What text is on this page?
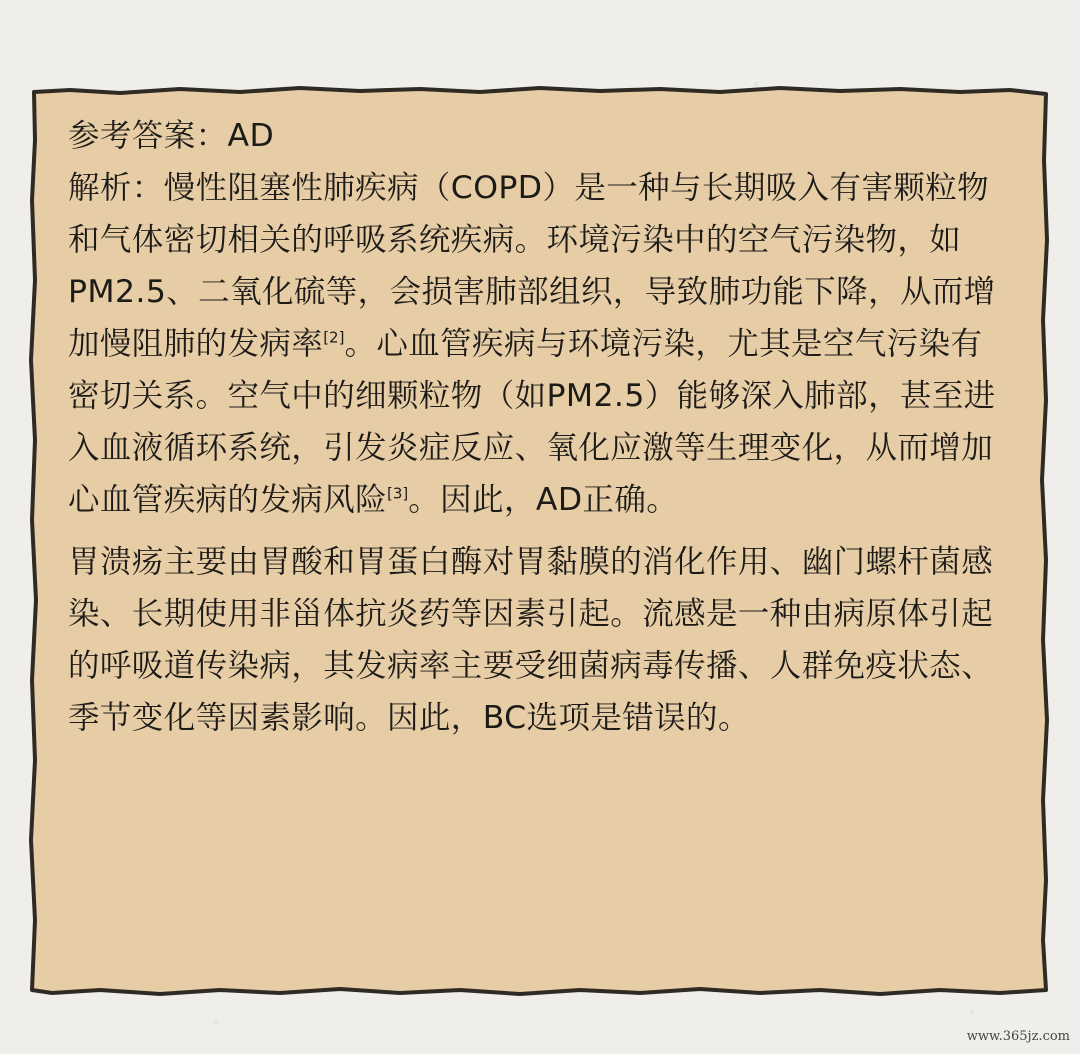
参考答案：AD

解析：慢性阻塞性肺疾病（COPD）是一种与长期吸入有害颗粒物和气体密切相关的呼吸系统疾病。环境污染中的空气污染物，如PM2.5、二氧化硫等，会损害肺部组织，导致肺功能下降，从而增加慢阻肺的发病率[2]。心血管疾病与环境污染，尤其是空气污染有密切关系。空气中的细颗粒物（如PM2.5）能够深入肺部，甚至进入血液循环系统，引发炎症反应、氧化应激等生理变化，从而增加心血管疾病的发病风险[3]。因此，AD正确。

胃溃疡主要由胃酸和胃蛋白酶对胃黏膜的消化作用、幽门螺杆菌感染、长期使用非甾体抗炎药等因素引起。流感是一种由病原体引起的呼吸道传染病，其发病率主要受细菌病毒传播、人群免疫状态、季节变化等因素影响。因此，BC选项是错误的。

www.365jz.com
